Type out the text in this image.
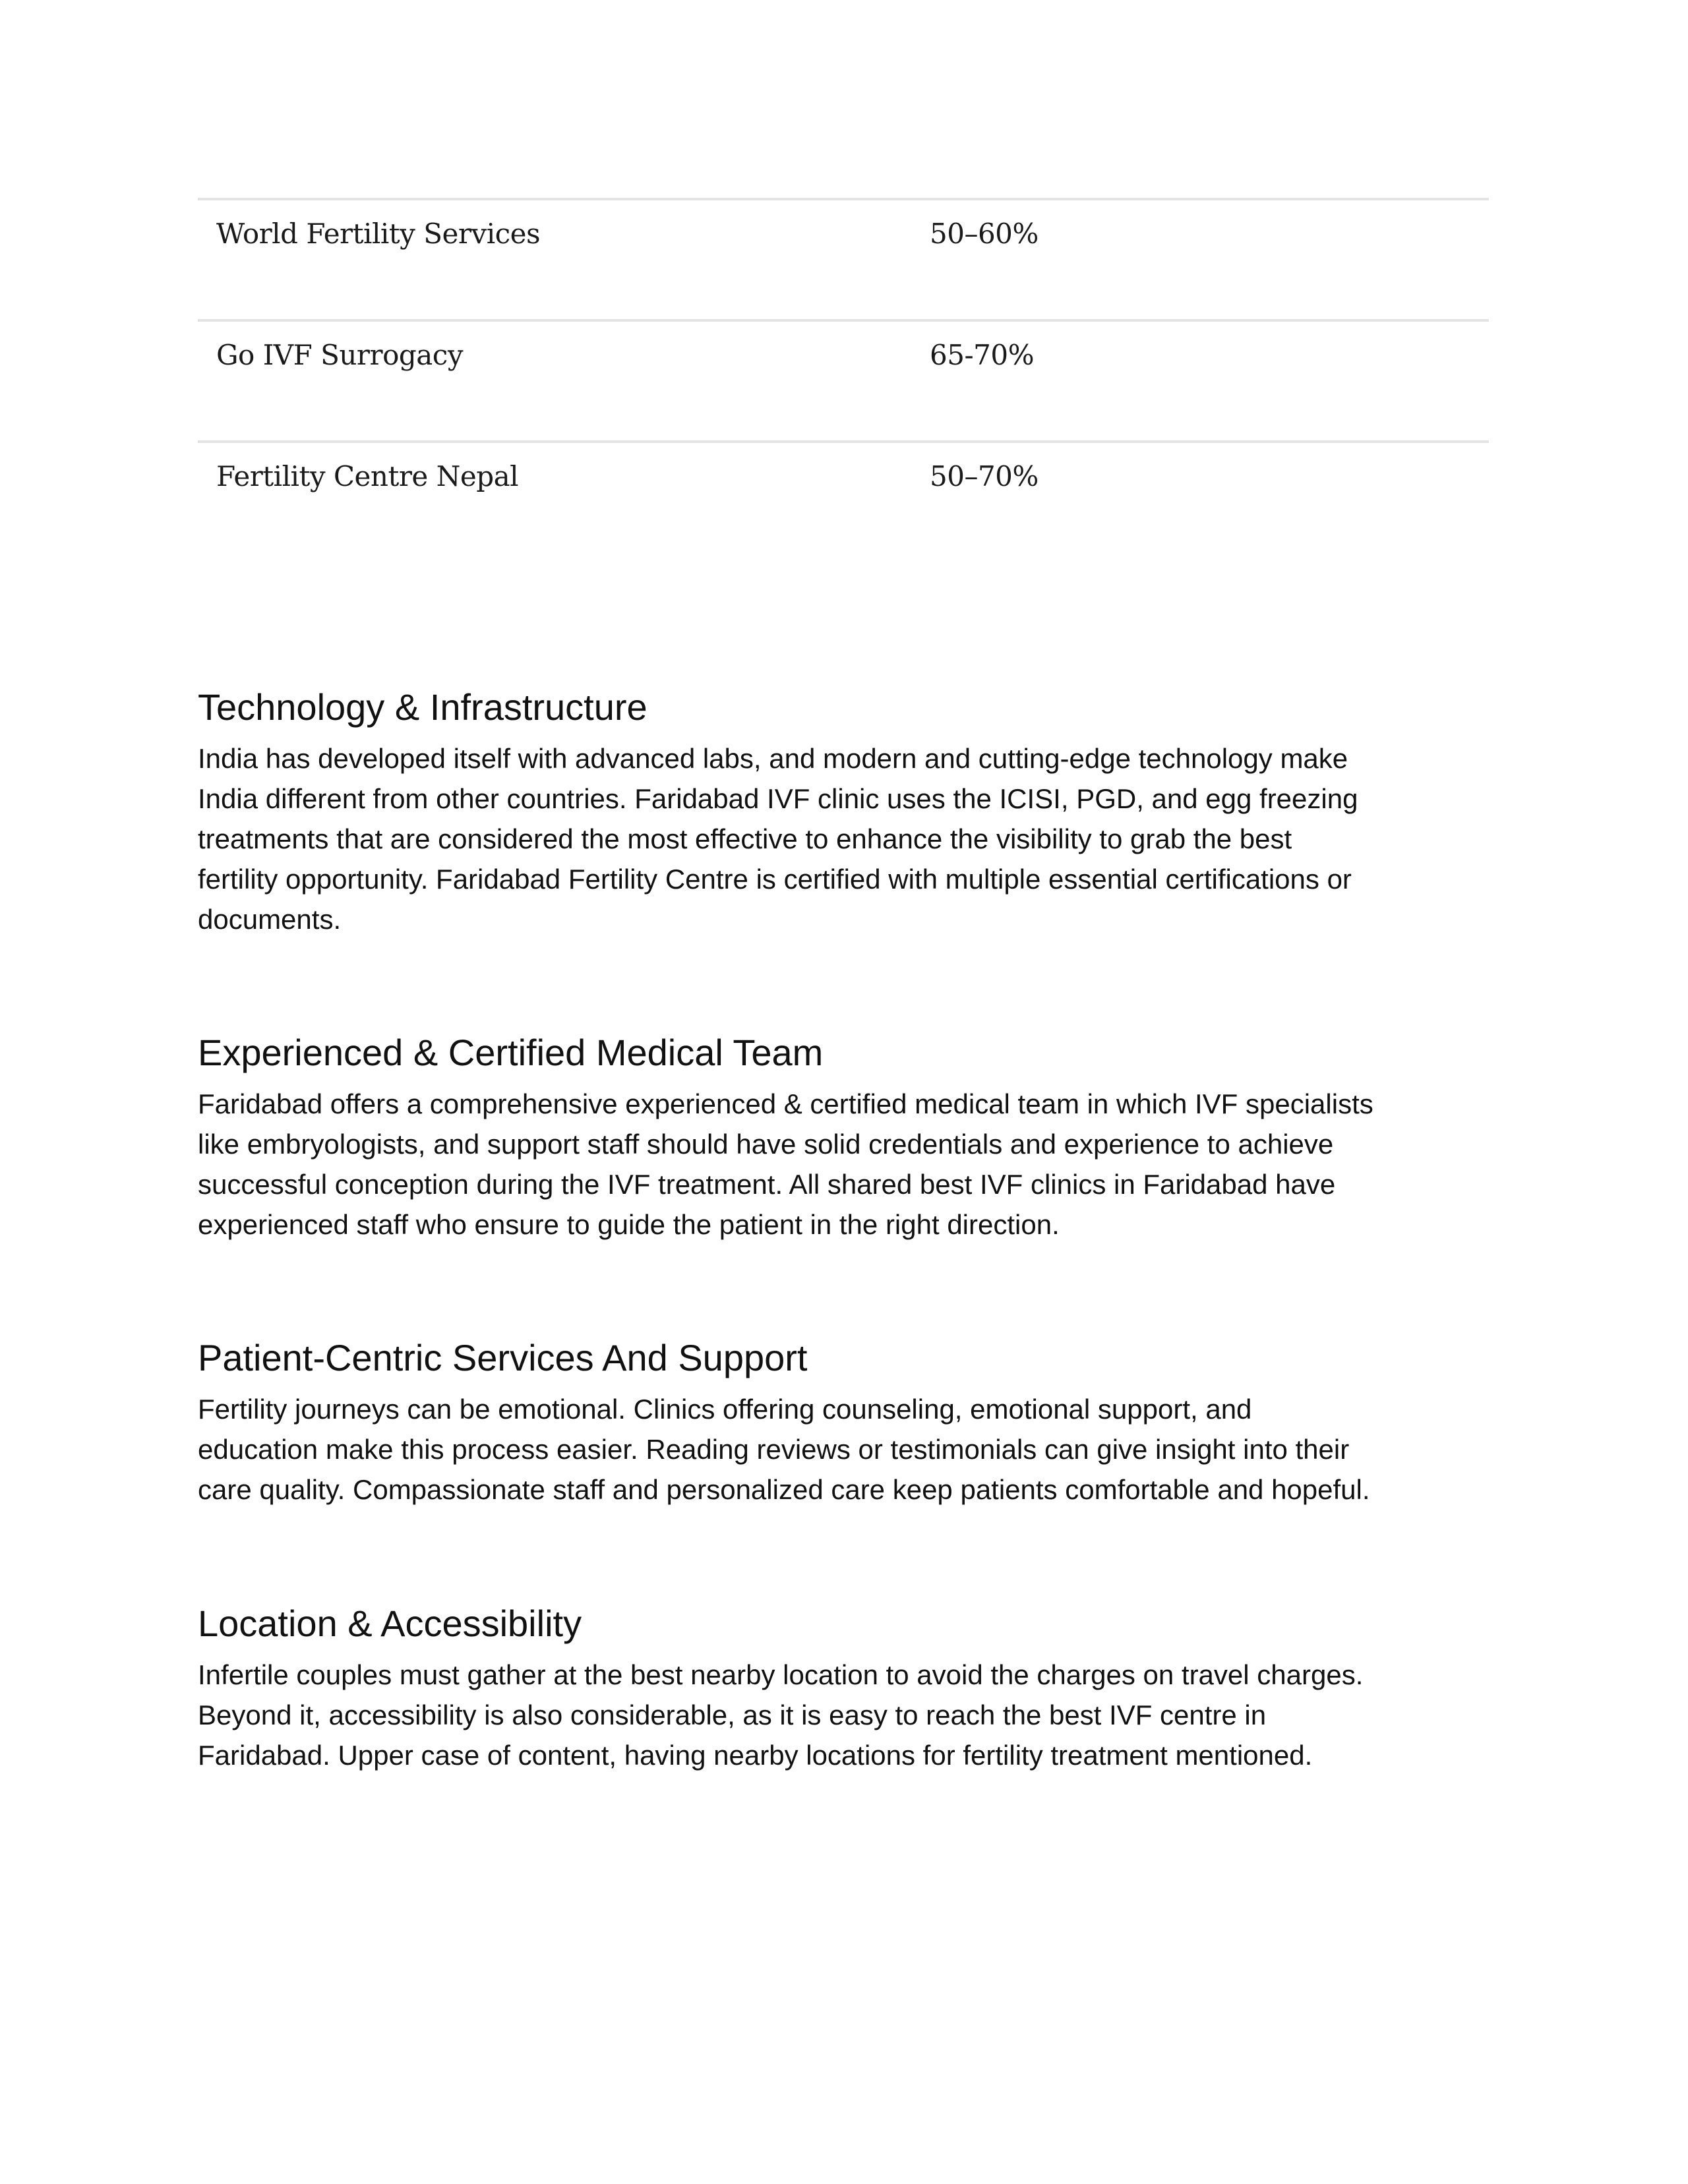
World Fertility Services	50–60%
Go IVF Surrogacy	65-70%
Fertility Centre Nepal	50–70%
Technology & Infrastructure

India has developed itself with advanced labs, and modern and cutting-edge technology make
India different from other countries. Faridabad IVF clinic uses the ICISI, PGD, and egg freezing
treatments that are considered the most effective to enhance the visibility to grab the best
fertility opportunity. Faridabad Fertility Centre is certified with multiple essential certifications or
documents.

Experienced & Certified Medical Team

Faridabad offers a comprehensive experienced & certified medical team in which IVF specialists
like embryologists, and support staff should have solid credentials and experience to achieve
successful conception during the IVF treatment. All shared best IVF clinics in Faridabad have
experienced staff who ensure to guide the patient in the right direction.

Patient-Centric Services And Support

Fertility journeys can be emotional. Clinics offering counseling, emotional support, and
education make this process easier. Reading reviews or testimonials can give insight into their
care quality. Compassionate staff and personalized care keep patients comfortable and hopeful.

Location & Accessibility

Infertile couples must gather at the best nearby location to avoid the charges on travel charges.
Beyond it, accessibility is also considerable, as it is easy to reach the best IVF centre in
Faridabad. Upper case of content, having nearby locations for fertility treatment mentioned.
